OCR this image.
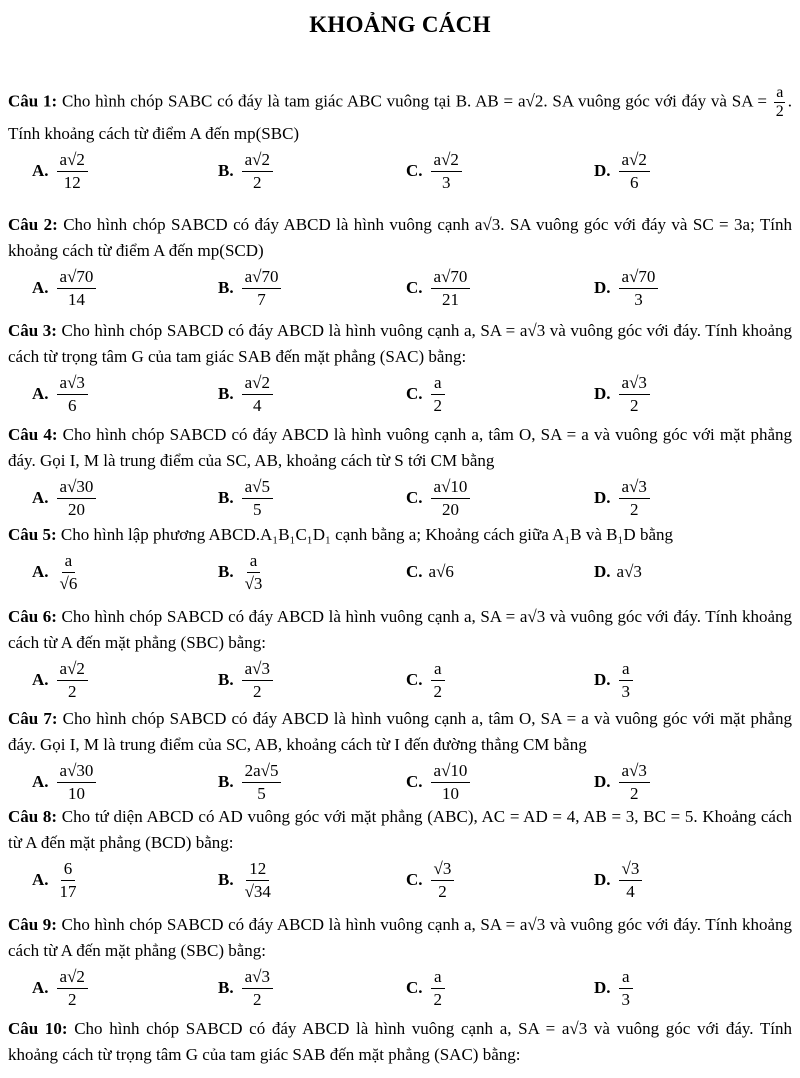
KHOẢNG CÁCH
Câu 1: Cho hình chóp SABC có đáy là tam giác ABC vuông tại B. AB = a√2. SA vuông góc với đáy và SA = $\frac{a}{2}$ . Tính khoảng cách từ điểm A đến mp(SBC)
A. $\frac{a√2}{12}$	B. $\frac{a√2}{2}$	C. $\frac{a√2}{3}$	D. $\frac{a√2}{6}$
Câu 2: Cho hình chóp SABCD có đáy ABCD là hình vuông cạnh a√3. SA vuông góc với đáy và SC = 3a; Tính khoảng cách từ điểm A đến mp(SCD)
A. $\frac{a√70}{14}$	B. $\frac{a√70}{7}$	C. $\frac{a√70}{21}$	D. $\frac{a√70}{3}$
Câu 3: Cho hình chóp SABCD có đáy ABCD là hình vuông cạnh a, SA = a√3 và vuông góc với đáy. Tính khoảng cách từ trọng tâm G của tam giác SAB đến mặt phẳng (SAC) bằng:
A. $\frac{a√3}{6}$	B. $\frac{a√2}{4}$	C. $\frac{a}{2}$	D. $\frac{a√3}{2}$
Câu 4: Cho hình chóp SABCD có đáy ABCD là hình vuông cạnh a, tâm O, SA = a và vuông góc với mặt phẳng đáy. Gọi I, M là trung điểm của SC, AB, khoảng cách từ S tới CM bằng
A. $\frac{a√30}{20}$	B. $\frac{a√5}{5}$	C. $\frac{a√10}{20}$	D. $\frac{a√3}{2}$
Câu 5: Cho hình lập phương ABCD.A₁B₁C₁D₁ cạnh bằng a; Khoảng cách giữa A₁B và B₁D bằng
A. $\frac{a}{√6}$	B. $\frac{a}{√3}$	C. a√6	D. a√3
Câu 6: Cho hình chóp SABCD có đáy ABCD là hình vuông cạnh a, SA = a√3 và vuông góc với đáy. Tính khoảng cách từ A đến mặt phẳng (SBC) bằng:
A. $\frac{a√2}{2}$	B. $\frac{a√3}{2}$	C. $\frac{a}{2}$	D. $\frac{a}{3}$
Câu 7: Cho hình chóp SABCD có đáy ABCD là hình vuông cạnh a, tâm O, SA = a và vuông góc với mặt phẳng đáy. Gọi I, M là trung điểm của SC, AB, khoảng cách từ I đến đường thẳng CM bằng
A. $\frac{a√30}{10}$	B. $\frac{2a√5}{5}$	C. $\frac{a√10}{10}$	D. $\frac{a√3}{2}$
Câu 8: Cho tứ diện ABCD có AD vuông góc với mặt phẳng (ABC), AC = AD = 4, AB = 3, BC = 5. Khoảng cách từ A đến mặt phẳng (BCD) bằng:
A. $\frac{6}{17}$	B. $\frac{12}{√34}$	C. $\frac{√3}{2}$	D. $\frac{√3}{4}$
Câu 9: Cho hình chóp SABCD có đáy ABCD là hình vuông cạnh a, SA = a√3 và vuông góc với đáy. Tính khoảng cách từ A đến mặt phẳng (SBC) bằng:
A. $\frac{a√2}{2}$	B. $\frac{a√3}{2}$	C. $\frac{a}{2}$	D. $\frac{a}{3}$
Câu 10: Cho hình chóp SABCD có đáy ABCD là hình vuông cạnh a, SA = a√3 và vuông góc với đáy. Tính khoảng cách từ trọng tâm G của tam giác SAB đến mặt phẳng (SAC) bằng:
